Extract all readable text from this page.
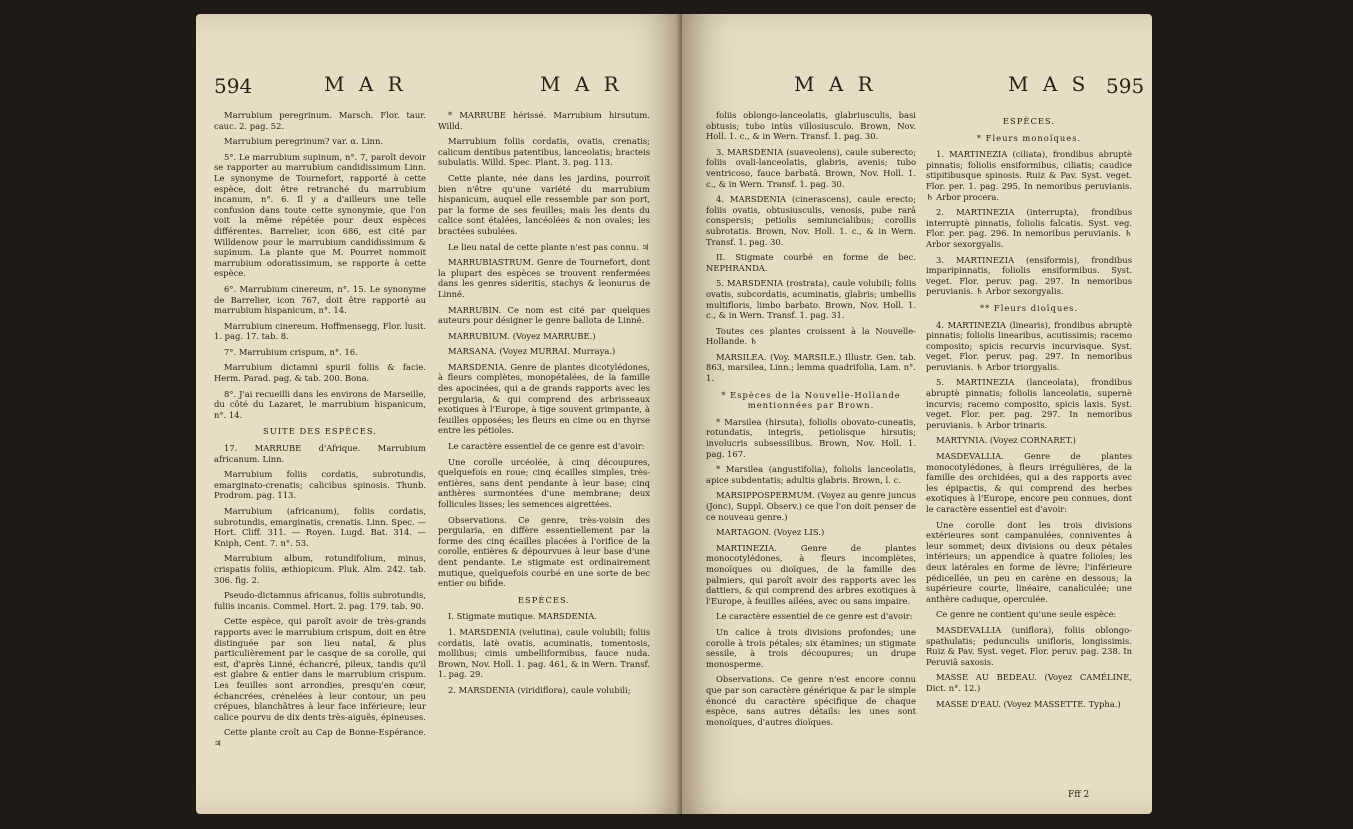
594	M A R	M A R

Marrubium peregrinum. Marsch. Flor. taur. cauc. 2. pag. 52.

Marrubium peregrinum? var. α. Linn.

5°. Le marrubium supinum, n°. 7, paroît devoir se rapporter au marrubium candidissimum Linn. Le synonyme de Tournefort, rapporté à cette espèce, doit être retranché du marrubium incanum, n°. 6. Il y a d'ailleurs une telle confusion dans toute cette synonymie, que l'on voit la même répétée pour deux espèces différentes. Barrelier, icon 686, est cité par Willdenow pour le marrubium candidissimum & supinum. La plante que M. Pourret nommoit marrubium odoratissimum, se rapporte à cette espèce.

6°. Marrubium cinereum, n°. 15. Le synonyme de Barrelier, icon 767, doit être rapporté au marrubium hispanicum, n°. 14.

Marrubium cinereum. Hoffmensegg, Flor. lusit. 1. pag. 17. tab. 8.

7°. Marrubium crispum, n°. 16.

Marrubium dictamni spurii foliis & facie. Herm. Parad. pag. & tab. 200. Bona.

8°. J'ai recueilli dans les environs de Marseille, du côté du Lazaret, le marrubium hispanicum, n°. 14.

SUITE DES ESPÈCES.

17. MARRUBE d'Afrique. Marrubium africanum. Linn.

Marrubium foliis cordatis, subrotundis, emarginato-crenatis; calicibus spinosis. Thunb. Prodrom. pag. 113.

Marrubium (africanum), foliis cordatis, subrotundis, emarginatis, crenatis. Linn. Spec. — Hort. Cliff. 311. — Royen. Lugd. Bat. 314. — Kniph, Cent. 7. n°. 53.

Marrubium album, rotundifolium, minus, crispatis foliis, æthiopicum. Pluk. Alm. 242. tab. 306. fig. 2.

Pseudo-dictamnus africanus, foliis subrotundis, fuliis incanis. Commel. Hort. 2. pag. 179. tab. 90.

Cette espèce, qui paroît avoir de très-grands rapports avec le marrubium crispum, doit en être distinguée par son lieu natal, & plus particulièrement par le casque de sa corolle, qui est, d'après Linné, échancré, pileux, tandis qu'il est glabre & entier dans le marrubium crispum. Les feuilles sont arrondies, presqu'en cœur, échancrées, crénelées à leur contour, un peu crépues, blanchâtres à leur face inférieure; leur calice pourvu de dix dents très-aiguës, épineuses.

Cette plante croît au Cap de Bonne-Espérance. ♃

* MARRUBE hérissé. Marrubium hirsutum. Willd.

Marrubium foliis cordatis, ovatis, crenatis; calicum dentibus patentibus, lanceolatis; bracteis subulatis. Willd. Spec. Plant. 3. pag. 113.

Cette plante, née dans les jardins, pourroit bien n'être qu'une variété du marrubium hispanicum, auquel elle ressemble par son port, par la forme de ses feuilles; mais les dents du calice sont étalées, lancéolées & non ovales; les bractées subulées.

Le lieu natal de cette plante n'est pas connu. ♃

MARRUBIASTRUM. Genre de Tournefort, dont la plupart des espèces se trouvent renfermées dans les genres sideritis, stachys & leonurus de Linné.

MARRUBIN. Ce nom est cité par quelques auteurs pour désigner le genre ballota de Linné.

MARRUBIUM. (Voyez MARRUBE.)

MARSANA. (Voyez MURRAI. Murraya.)

MARSDENIA. Genre de plantes dicotylédones, à fleurs complètes, monopétalées, de la famille des apocinées, qui a de grands rapports avec les pergularia, & qui comprend des arbrisseaux exotiques à l'Europe, à tige souvent grimpante, à feuilles opposées; les fleurs en cime ou en thyrse entre les pétioles.

Le caractère essentiel de ce genre est d'avoir:

Une corolle urcéolée, à cinq découpures, quelquefois en roue; cinq écailles simples, très-entières, sans dent pendante à leur base; cinq anthères surmontées d'une membrane; deux follicules lisses; les semences aigrettées.

Observations. Ce genre, très-voisin des pergularia, en diffère essentiellement par la forme des cinq écailles placées à l'orifice de la corolle, entières & dépourvues à leur base d'une dent pendante. Le stigmate est ordinairement mutique, quelquefois courbé en une sorte de bec entier ou bifide.

ESPÈCES.

I. Stigmate mutique. MARSDENIA.

1. MARSDENIA (velutina), caule volubili; foliis cordatis, latè ovatis, acuminatis, tomentosis, mollibus; cimis umbelliformibus, fauce nuda. Brown, Nov. Holl. 1. pag. 461, & in Wern. Transf. 1. pag. 29.

2. MARSDENIA (viridiflora), caule volubili;

M A R	M A S 595

foliis oblongo-lanceolatis, glabriusculis, basi obtusis; tubo intùs villosiusculo. Brown, Nov. Holl. 1. c., & in Wern. Transf. 1. pag. 30.

3. MARSDENIA (suaveolens), caule suberecto; foliis ovali-lanceolatis, glabris, avenis; tubo ventricoso, fauce barbatâ. Brown, Nov. Holl. 1. c., & in Wern. Transf. 1. pag. 30.

4. MARSDENIA (cinerascens), caule erecto; foliis ovatis, obtusiusculis, venosis, pube rarâ conspersis; petiolis semiuncialibus; corollis subrotatis. Brown, Nov. Holl. 1. c., & in Wern. Transf. 1. pag. 30.

II. Stigmate courbé en forme de bec. NEPHRANDA.

5. MARSDENIA (rostrata), caule volubili; foliis ovatis, subcordatis, acuminatis, glabris; umbellis multifloris, limbo barbato. Brown, Nov. Holl. 1. c., & in Wern. Transf. 1. pag. 31.

Toutes ces plantes croissent à la Nouvelle-Hollande. ♄

MARSILEA. (Voy. MARSILE.) Illustr. Gen. tab. 863, marsilea, Linn.; lemma quadrifolia, Lam. n°. 1.

* Espèces de la Nouvelle-Hollande mentionnées par Brown.

* Marsilea (hirsuta), foliolis obovato-cuneatis, rotundatis, integris, petiolisque hirsutis; involucris subsessilibus. Brown, Nov. Holl. 1. pag. 167.

* Marsilea (angustifolia), foliolis lanceolatis, apice subdentatis; adultis glabris. Brown, l. c.

MARSIPPOSPERMUM. (Voyez au genre juncus (Jonc), Suppl. Observ.) ce que l'on doit penser de ce nouveau genre.)

MARTAGON. (Voyez LIS.)

MARTINEZIA. Genre de plantes monocotylédones, à fleurs incomplètes, monoïques ou dioïques, de la famille des palmiers, qui paroît avoir des rapports avec les dattiers, & qui comprend des arbres exotiques à l'Europe, à feuilles ailées, avec ou sans impaire.

Le caractère essentiel de ce genre est d'avoir:

Un calice à trois divisions profondes; une corolle à trois pétales; six étamines; un stigmate sessile, à trois découpures; un drupe monosperme.

Observations. Ce genre n'est encore connu que par son caractère générique & par le simple énoncé du caractère spécifique de chaque espèce, sans autres détails: les unes sont monoïques, d'autres dioïques.

ESPÈCES.

* Fleurs monoïques.

1. MARTINEZIA (ciliata), frondibus abruptè pinnatis; foliolis ensiformibus, ciliatis; caudice stipitibusque spinosis. Ruiz & Pav. Syst. veget. Flor. per. 1. pag. 295. In nemoribus peruvianis. ♄ Arbor procera.

2. MARTINEZIA (interrupta), frondibus interruptè pinnatis, foliolis falcatis. Syst. veg. Flor. per. pag. 296. In nemoribus peruvianis. ♄ Arbor sexorgyalis.

3. MARTINEZIA (ensiformis), frondibus imparipinnatis, foliolis ensiformibus. Syst. veget. Flor. peruv. pag. 297. In nemoribus peruvianis. ♄ Arbor sexorgyalis.

** Fleurs dioïques.

4. MARTINEZIA (linearis), frondibus abruptè pinnatis; foliolis linearibus, acutissimis; racemo composito; spicis recurvis incurvisque. Syst. veget. Flor. peruv. pag. 297. In nemoribus peruvianis. ♄ Arbor triorgyalis.

5. MARTINEZIA (lanceolata), frondibus abruptè pinnatis; foliolis lanceolatis, supernè incurvis; racemo composito, spicis laxis. Syst. veget. Flor. per. pag. 297. In nemoribus peruvianis. ♄ Arbor trinaris.

MARTYNIA. (Voyez CORNARET.)

MASDEVALLIA. Genre de plantes monocotylédones, à fleurs irrégulières, de la famille des orchidées, qui a des rapports avec les épipactis, & qui comprend des herbes exotiques à l'Europe, encore peu connues, dont le caractère essentiel est d'avoir:

Une corolle dont les trois divisions extérieures sont campanulées, conniventes à leur sommet; deux divisions ou deux pétales intérieurs; un appendice à quatre folioles; les deux latérales en forme de lèvre; l'inférieure pédicellée, un peu en carène en dessous; la supérieure courte, linéaire, canaliculée; une anthère caduque, operculée.

Ce genre ne contient qu'une seule espèce:

MASDEVALLIA (uniflora), foliis oblongo-spathulatis; pedunculis unifloris, longissimis. Ruiz & Pav. Syst. veget. Flor. peruv. pag. 238. In Peruviâ saxosis.

MASSE AU BEDEAU. (Voyez CAMÉLINE, Dict. n°. 12.)

MASSE D'EAU. (Voyez MASSETTE. Typha.)

Fff 2
